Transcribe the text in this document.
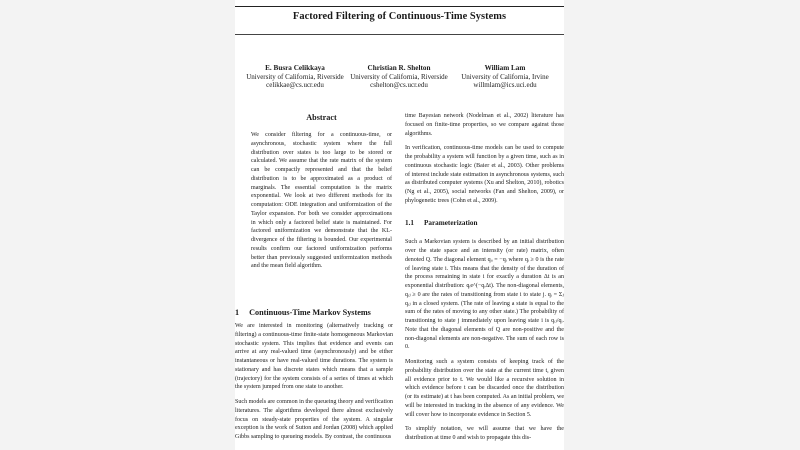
Factored Filtering of Continuous-Time Systems
E. Busra Celikkaya
University of California, Riverside
celikkae@cs.ucr.edu
Christian R. Shelton
University of California, Riverside
cshelton@cs.ucr.edu
William Lam
University of California, Irvine
willmlam@ics.uci.edu
Abstract
We consider filtering for a continuous-time, or asynchronous, stochastic system where the full distribution over states is too large to be stored or calculated. We assume that the rate matrix of the system can be compactly represented and that the belief distribution is to be approximated as a product of marginals. The essential computation is the matrix exponential. We look at two different methods for its computation: ODE integration and uniformization of the Taylor expansion. For both we consider approximations in which only a factored belief state is maintained. For factored uniformization we demonstrate that the KL-divergence of the filtering is bounded. Our experimental results confirm our factored uniformization performs better than previously suggested uniformization methods and the mean field algorithm.
1 Continuous-Time Markov Systems

We are interested in monitoring (alternatively tracking or filtering) a continuous-time finite-state homogeneous Markovian stochastic system. This implies that evidence and events can arrive at any real-valued time (asynchronously) and be either instantaneous or have real-valued time durations. The system is stationary and has discrete states which means that a sample (trajectory) for the system consists of a series of times at which the system jumped from one state to another.

Such models are common in the queueing theory and verification literatures. The algorithms developed there almost exclusively focus on steady-state properties of the system. A singular exception is the work of Sutton and Jordan (2008) which applied Gibbs sampling to queueing models. By contrast, the continuous

time Bayesian network (Nodelman et al., 2002) literature has focused on finite-time properties, so we compare against those algorithms.

In verification, continuous-time models can be used to compute the probability a system will function by a given time, such as in continuous stochastic logic (Baier et al., 2003). Other problems of interest include state estimation in asynchronous systems, such as distributed computer systems (Xu and Shelton, 2010), robotics (Ng et al., 2005), social networks (Fan and Shelton, 2009), or phylogenetic trees (Cohn et al., 2009).

1.1 Parameterization

Such a Markovian system is described by an initial distribution over the state space and an intensity (or rate) matrix, often denoted Q. The diagonal element qᵢᵢ = −qᵢ where qᵢ ≥ 0 is the rate of leaving state i. This means that the density of the duration of the process remaining in state i for exactly a duration Δt is an exponential distribution: qᵢe^(−qᵢΔt). The non-diagonal elements, qᵢⱼ ≥ 0 are the rates of transitioning from state i to state j. qᵢ = Σⱼ qᵢⱼ in a closed system. (The rate of leaving a state is equal to the sum of the rates of moving to any other state.) The probability of transitioning to state j immediately upon leaving state i is qᵢⱼ/qᵢ. Note that the diagonal elements of Q are non-positive and the non-diagonal elements are non-negative. The sum of each row is 0.

Monitoring such a system consists of keeping track of the probability distribution over the state at the current time t, given all evidence prior to t. We would like a recursive solution in which evidence before t can be discarded once the distribution (or its estimate) at t has been computed. As an initial problem, we will be interested in tracking in the absence of any evidence. We will cover how to incorporate evidence in Section 5.

To simplify notation, we will assume that we have the distribution at time 0 and wish to propagate this dis-
